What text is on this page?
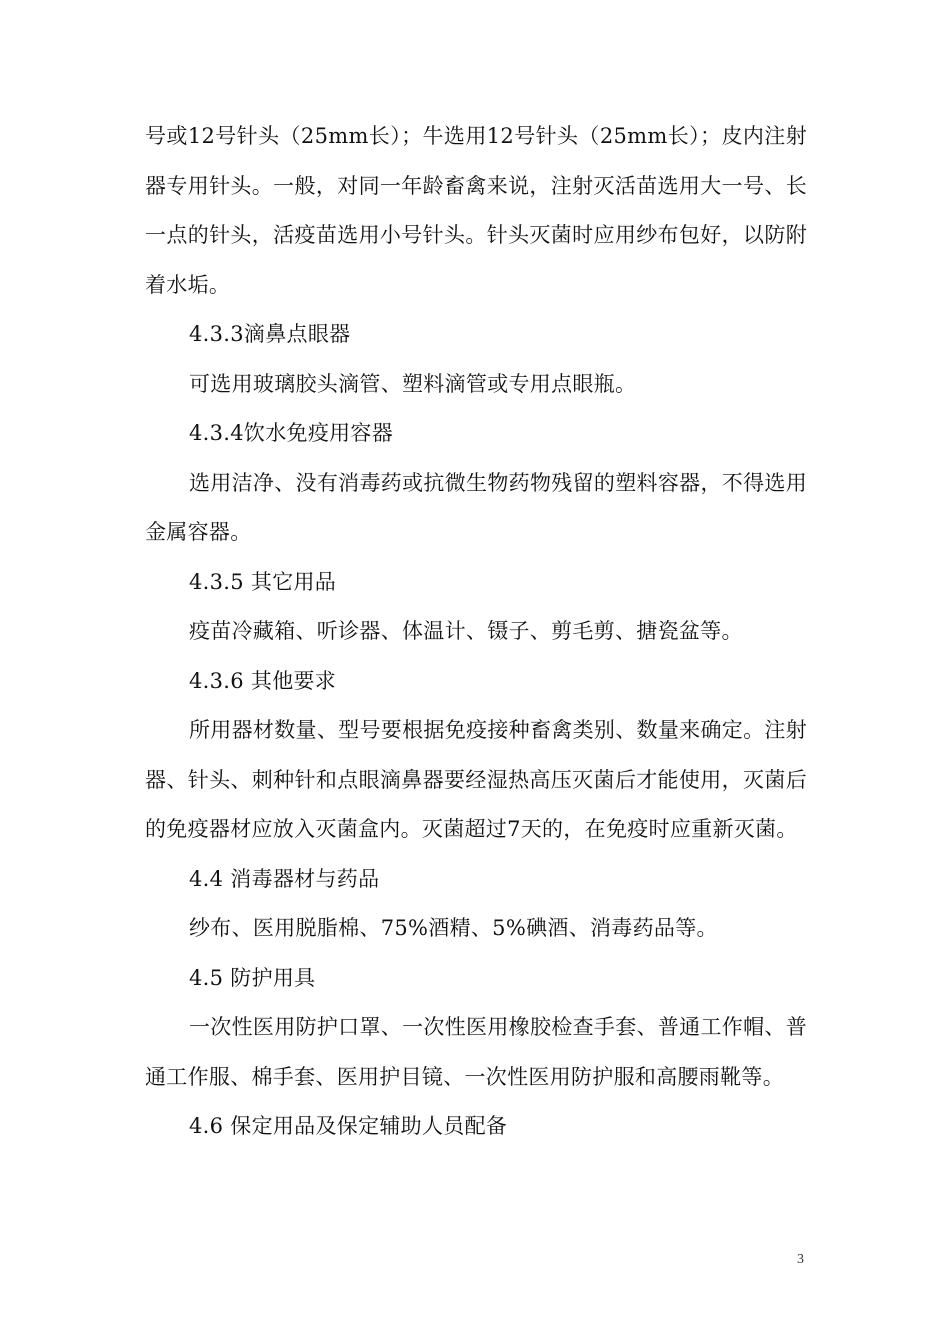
号或12号针头（25mm长）；牛选用12号针头（25mm长）；皮内注射器专用针头。一般，对同一年龄畜禽来说，注射灭活苗选用大一号、长一点的针头，活疫苗选用小号针头。针头灭菌时应用纱布包好，以防附着水垢。

4.3.3滴鼻点眼器

可选用玻璃胶头滴管、塑料滴管或专用点眼瓶。

4.3.4饮水免疫用容器

选用洁净、没有消毒药或抗微生物药物残留的塑料容器，不得选用金属容器。

4.3.5 其它用品

疫苗冷藏箱、听诊器、体温计、镊子、剪毛剪、搪瓷盆等。

4.3.6 其他要求

所用器材数量、型号要根据免疫接种畜禽类别、数量来确定。注射器、针头、刺种针和点眼滴鼻器要经湿热高压灭菌后才能使用，灭菌后的免疫器材应放入灭菌盒内。灭菌超过7天的，在免疫时应重新灭菌。

4.4 消毒器材与药品

纱布、医用脱脂棉、75%酒精、5%碘酒、消毒药品等。

4.5 防护用具

一次性医用防护口罩、一次性医用橡胶检查手套、普通工作帽、普通工作服、棉手套、医用护目镜、一次性医用防护服和高腰雨靴等。

4.6 保定用品及保定辅助人员配备

3
